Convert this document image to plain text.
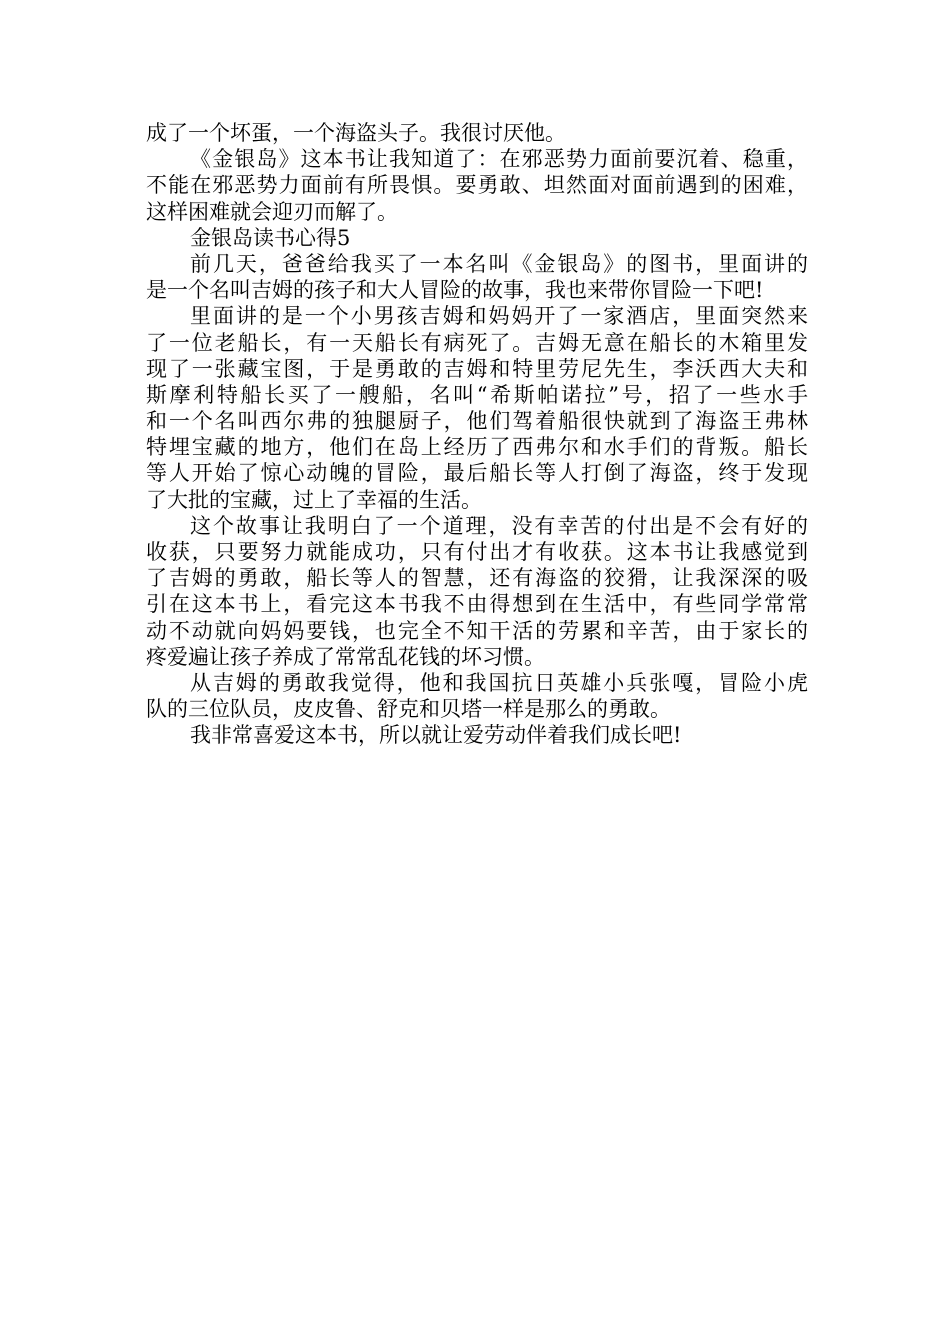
成了一个坏蛋，一个海盗头子。我很讨厌他。
《金银岛》这本书让我知道了：在邪恶势力面前要沉着、稳重，
不能在邪恶势力面前有所畏惧。要勇敢、坦然面对面前遇到的困难，
这样困难就会迎刃而解了。
金银岛读书心得5
前几天，爸爸给我买了一本名叫《金银岛》的图书，里面讲的
是一个名叫吉姆的孩子和大人冒险的故事，我也来带你冒险一下吧!
里面讲的是一个小男孩吉姆和妈妈开了一家酒店，里面突然来
了一位老船长，有一天船长有病死了。吉姆无意在船长的木箱里发
现了一张藏宝图，于是勇敢的吉姆和特里劳尼先生，李沃西大夫和
斯摩利特船长买了一艘船，名叫“希斯帕诺拉”号，招了一些水手
和一个名叫西尔弗的独腿厨子，他们驾着船很快就到了海盗王弗林
特埋宝藏的地方，他们在岛上经历了西弗尔和水手们的背叛。船长
等人开始了惊心动魄的冒险，最后船长等人打倒了海盗，终于发现
了大批的宝藏，过上了幸福的生活。
这个故事让我明白了一个道理，没有幸苦的付出是不会有好的
收获，只要努力就能成功，只有付出才有收获。这本书让我感觉到
了吉姆的勇敢，船长等人的智慧，还有海盗的狡猾，让我深深的吸
引在这本书上，看完这本书我不由得想到在生活中，有些同学常常
动不动就向妈妈要钱，也完全不知干活的劳累和辛苦，由于家长的
疼爱遍让孩子养成了常常乱花钱的坏习惯。
从吉姆的勇敢我觉得，他和我国抗日英雄小兵张嘎，冒险小虎
队的三位队员，皮皮鲁、舒克和贝塔一样是那么的勇敢。
我非常喜爱这本书，所以就让爱劳动伴着我们成长吧!
